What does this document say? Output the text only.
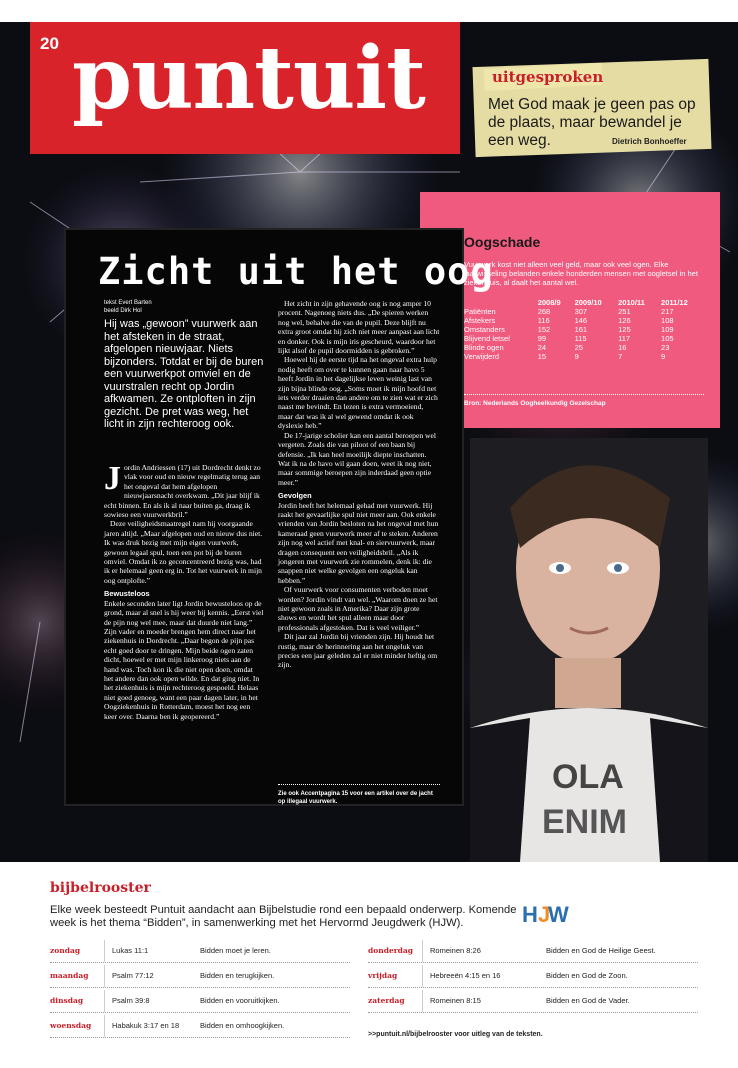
OLA
ENIM
20 puntuit	uitgesproken
Met God maak je geen pas op de plaats, maar bewandel je een weg.	Dietrich Bonhoeffer
Oogschade
Vuurwerk kost niet alleen veel geld, maar ook veel ogen. Elke jaarwisseling belanden enkele honderden mensen met oogletsel in het ziekenhuis, al daalt het aantal wel.
	2008/9	2009/10	2010/11	2011/12
Patiënten	268	307	251	217
Afstekers	116	146	126	108
Omstanders	152	161	125	109
Blijvend letsel	99	115	117	105
Blinde ogen	24	25	16	23
Verwijderd	15	9	7	9
Bron: Nederlands Oogheelkundig Gezelschap
Zicht uit het oog
tekst Evert Barten
beeld Dirk Hol
Hij was „gewoon” vuurwerk aan het afsteken in de straat, afgelopen nieuwjaar. Niets bijzonders. Totdat er bij de buren een vuurwerkpot omviel en de vuurstralen recht op Jordin afkwamen. Ze ontploften in zijn gezicht. De pret was weg, het licht in zijn rechteroog ook.
J ordin Andriessen (17) uit Dordrecht denkt zo vlak voor oud en nieuw regelmatig terug aan het ongeval dat hem afgelopen nieuwjaarsnacht overkwam. „Dit jaar blijf ik echt binnen. En als ik al naar buiten ga, draag ik sowieso een vuurwerkbril.”

Deze veiligheidsmaatregel nam hij voorgaande jaren altijd. „Maar afgelopen oud en nieuw dus niet. Ik was druk bezig met mijn eigen vuurwerk, gewoon legaal spul, toen een pot bij de buren omviel. Omdat ik zo geconcentreerd bezig was, had ik er helemaal geen erg in. Tot het vuurwerk in mijn oog ontplofte.”

Bewusteloos

Enkele seconden later ligt Jordin bewusteloos op de grond, maar al snel is hij weer bij kennis. „Eerst viel de pijn nog wel mee, maar dat duurde niet lang.” Zijn vader en moeder brengen hem direct naar het ziekenhuis in Dordrecht. „Daar begon de pijn pas echt goed door te dringen. Mijn beide ogen zaten dicht, hoewel er met mijn linkeroog niets aan de hand was. Toch kon ik die niet open doen, omdat het andere dan ook open wilde. En dat ging niet. In het ziekenhuis is mijn rechteroog gespoeld. Helaas niet goed genoeg, want een paar dagen later, in het Oogziekenhuis in Rotterdam, moest het nog een keer over. Daarna ben ik geopereerd.”

Het zicht in zijn gehavende oog is nog amper 10 procent. Nagenoeg niets dus. „De spieren werken nog wel, behalve die van de pupil. Deze blijft nu extra groot omdat hij zich niet meer aanpast aan licht en donker. Ook is mijn iris gescheurd, waardoor het lijkt alsof de pupil doormidden is gebroken.”

Hoewel hij de eerste tijd na het ongeval extra hulp nodig heeft om over te kunnen gaan naar havo 5 heeft Jordin in het dagelijkse leven weinig last van zijn bijna blinde oog. „Soms moet ik mijn hoofd net iets verder draaien dan andere om te zien wat er zich naast me bevindt. En lezen is extra vermoeiend, maar dat was ik al wel gewend omdat ik ook dyslexie heb.”

De 17-jarige scholier kan een aantal beroepen wel vergeten. Zoals die van piloot of een baan bij defensie. „Ik kan heel moeilijk diepte inschatten. Wat ik na de havo wil gaan doen, weet ik nog niet, maar sommige beroepen zijn inderdaad geen optie meer.”

Gevolgen

Jordin heeft het helemaal gehad met vuurwerk. Hij raakt het gevaarlijke spul niet meer aan. Ook enkele vrienden van Jordin besloten na het ongeval met hun kameraad geen vuurwerk meer af te steken. Anderen zijn nog wel actief met knal- en siervuurwerk, maar dragen consequent een veiligheidsbril. „Als ik jongeren met vuurwerk zie rommelen, denk ik: die snappen niet welke gevolgen een ongeluk kan hebben.”

Of vuurwerk voor consumenten verboden moet worden? Jordin vindt van wel. „Waarom doen ze het niet gewoon zoals in Amerika? Daar zijn grote shows en wordt het spul alleen maar door professionals afgestoken. Dat is veel veiliger.”

Dit jaar zal Jordin bij vrienden zijn. Hij houdt het rustig, maar de herinnering aan het ongeluk van precies een jaar geleden zal er niet minder heftig om zijn.

Zie ook Accentpagina 15 voor een artikel over de jacht op illegaal vuurwerk.
bijbelrooster
Elke week besteedt Puntuit aandacht aan Bijbelstudie rond een bepaald onderwerp. Komende week is het thema “Bidden”, in samenwerking met het Hervormd Jeugdwerk (HJW).	H J
W
zondag	Lukas 11:1	Bidden moet je leren.
maandag	Psalm 77:12	Bidden en terugkijken.
dinsdag	Psalm 39:8	Bidden en vooruitkijken.
woensdag	Habakuk 3:17 en 18	Bidden en omhoogkijken.
donderdag Romeinen 8:26	Bidden en God de Heilige Geest.
vrijdag	Hebreeën 4:15 en 16	Bidden en God de Zoon.
zaterdag	Romeinen 8:15	Bidden en God de Vader.
>>puntuit.nl/bijbelrooster voor uitleg van de teksten.
